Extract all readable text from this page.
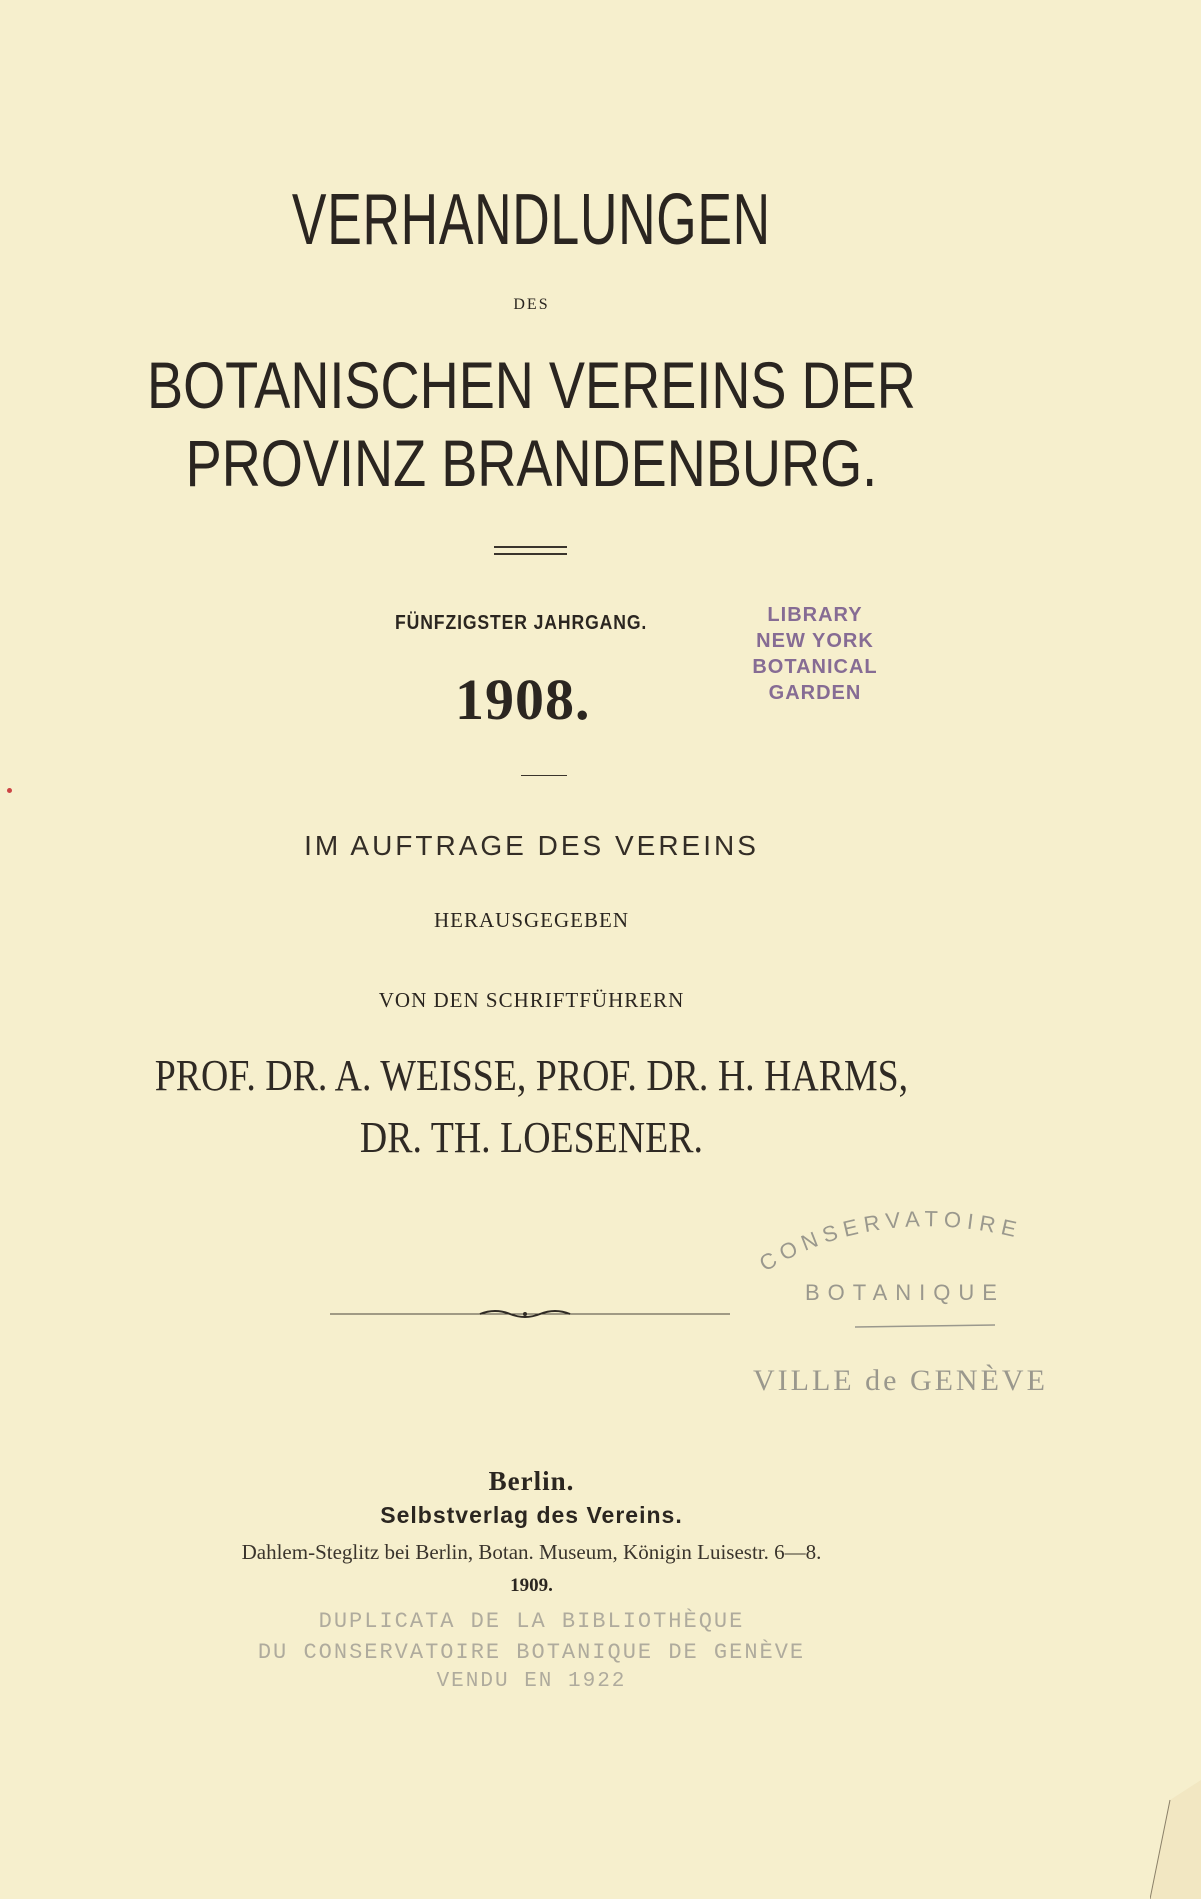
VERHANDLUNGEN
DES
BOTANISCHEN VEREINS DER
PROVINZ BRANDENBURG.
FÜNFZIGSTER JAHRGANG.
1908.
LIBRARY
NEW YORK
BOTANICAL
GARDEN
IM AUFTRAGE DES VEREINS
HERAUSGEGEBEN
VON DEN SCHRIFTFÜHRERN
PROF. DR. A. WEISSE, PROF. DR. H. HARMS,
DR. TH. LOESENER.
CONSERVATOIRE
BOTANIQUE
VILLE de GENÈVE
Berlin.
Selbstverlag des Vereins.
Dahlem-Steglitz bei Berlin, Botan. Museum, Königin Luisestr. 6—8.
1909.
DUPLICATA DE LA BIBLIOTHÈQUE
DU CONSERVATOIRE BOTANIQUE DE GENÈVE
VENDU EN 1922
